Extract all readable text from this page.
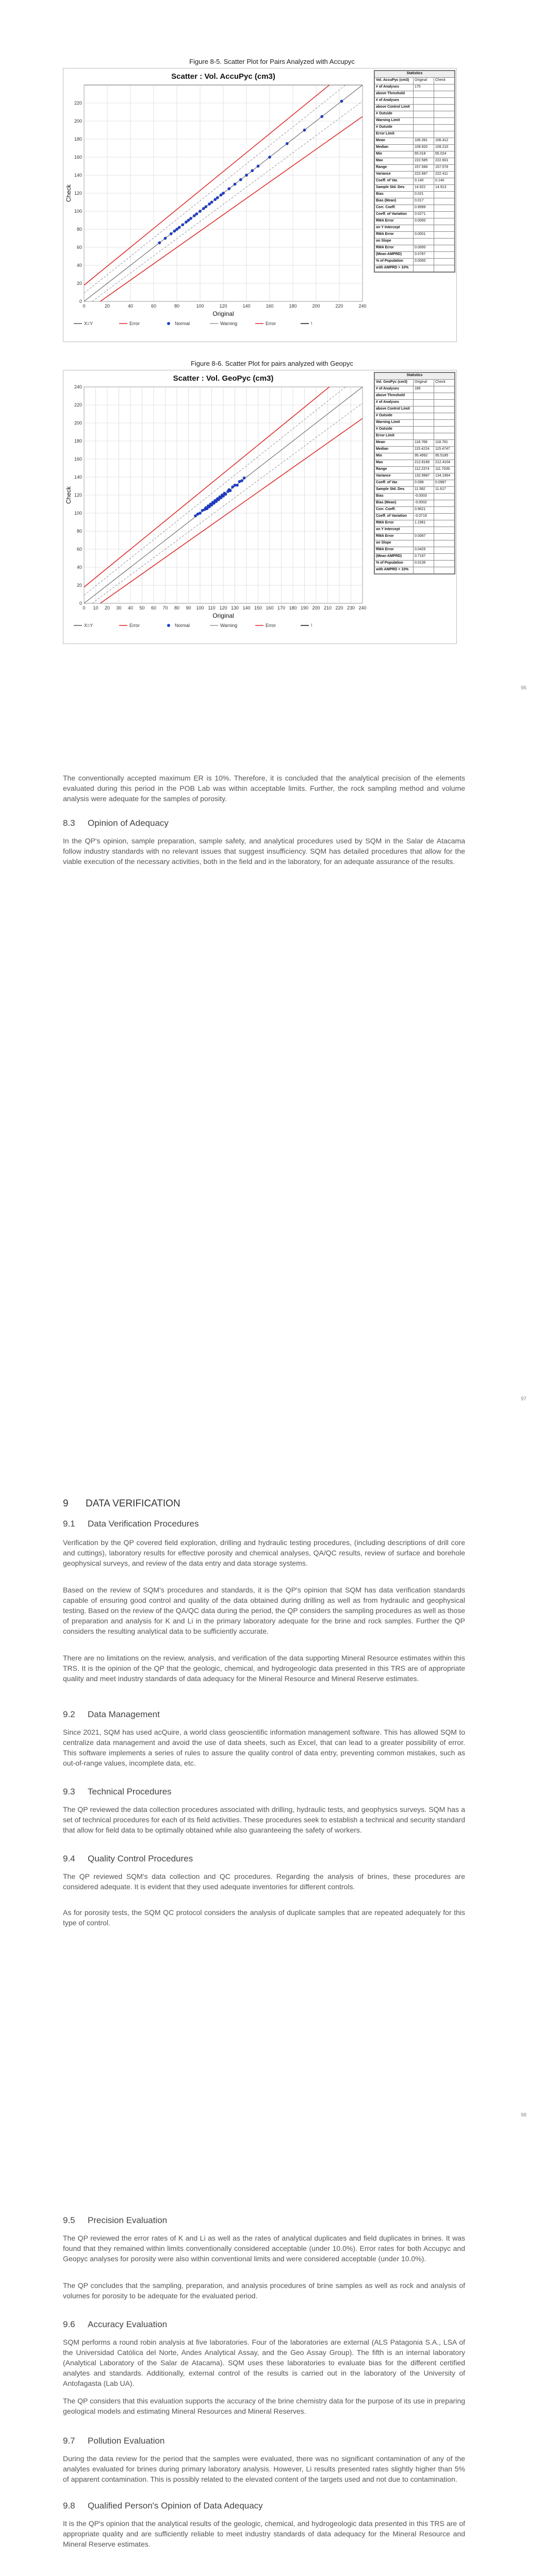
Figure 8-5. Scatter Plot for Pairs Analyzed with Accupyc
Scatter : Vol. AccuPyc (cm3)
0
20
40
60
80
100
120
140
160
180
200
220
0	20	40	60	80	100	120	140	160	180	200	220	240
Original
Check
X=Y	Error	Normal	Warning	Error	!
Statistics		
Vol. AccuPyc (cm3)	Original	Check
# of Analyses	175	
above Threshold		
# of Analyses		
above Control Limit		
# Outside		
Warning Limit		
# Outside		
Error Limit		
Mean	106.391	106.412
Median	109.920	109.210
Min	65.018	65.024
Max	222.585	222.601
Range	157.568	157.576
Variance	222.687	222.411
Coeff. of Var.	0.140	0.140
Sample Std. Dev.	14.922	14.913
Bias	0.021	
Bias (Mean)	0.017	
Corr. Coeff.	0.9999	
Coeff. of Variation	0.0271	
RMA Error	0.0000	
on Y Intercept		
RMA Error	0.0001	
on Slope		
RMA Error	0.0000	
(Mean AMPRD)	0.0787	
% of Population	0.0000	
with AMPRD > 10%		
Figure 8-6. Scatter Plot for pairs analyzed with Geopyc
Scatter : Vol. GeoPyc (cm3)
0
20
40
60
80
100
120
140
160
180
200
220
240
0 10 20 30 40 50 60 70 80 90 100 110 120 130 140 150 160 170 180 190 200 210 220 230 240
Original
Check
X=Y	Error	Normal	Warning	Error	!
Statistics		
Vol. GeoPyc (cm3)	Original	Check
# of Analyses	185	
above Threshold		
# of Analyses		
above Control Limit		
# Outside		
Warning Limit		
# Outside		
Error Limit		
Mean	118.768	118.781
Median	115.4224	115.4747
Min	95.4992	95.5185
Max	212.8166	212.4104
Range	112.2374	111.7039
Variance	132.9987	134.1964
Coeff. of Var.	0.098	0.0987
Sample Std. Dev.	11.582	11.617
Bias	-0.0003	
Bias (Mean)	-0.0002	
Corr. Coeff.	0.9621	
Coeff. of Variation	-0.0719	
RMA Error	1.1961	
on Y Intercept		
RMA Error	0.0087	
on Slope		
RMA Error	0.0425	
(Mean AMPRD)	0.7197	
% of Population	0.0135	
with AMPRD > 10%		
96

The conventionally accepted maximum ER is 10%. Therefore, it is concluded that the analytical precision of the elements evaluated during this period in the POB Lab was within acceptable limits. Further, the rock sampling method and volume analysis were adequate for the samples of porosity.

8.3 Opinion of Adequacy

In the QP's opinion, sample preparation, sample safety, and analytical procedures used by SQM in the Salar de Atacama follow industry standards with no relevant issues that suggest insufficiency. SQM has detailed procedures that allow for the viable execution of the necessary activities, both in the field and in the laboratory, for an adequate assurance of the results.

97
9 DATA VERIFICATION
9.1 Data Verification Procedures

Verification by the QP covered field exploration, drilling and hydraulic testing procedures, (including descriptions of drill core and cuttings), laboratory results for effective porosity and chemical analyses, QA/QC results, review of surface and borehole geophysical surveys, and review of the data entry and data storage systems.

Based on the review of SQM's procedures and standards, it is the QP's opinion that SQM has data verification standards capable of ensuring good control and quality of the data obtained during drilling as well as from hydraulic and geophysical testing. Based on the review of the QA/QC data during the period, the QP considers the sampling procedures as well as those of preparation and analysis for K and Li in the primary laboratory adequate for the brine and rock samples. Further the QP considers the resulting analytical data to be sufficiently accurate.

There are no limitations on the review, analysis, and verification of the data supporting Mineral Resource estimates within this TRS. It is the opinion of the QP that the geologic, chemical, and hydrogeologic data presented in this TRS are of appropriate quality and meet industry standards of data adequacy for the Mineral Resource and Mineral Reserve estimates.

9.2 Data Management

Since 2021, SQM has used acQuire, a world class geoscientific information management software. This has allowed SQM to centralize data management and avoid the use of data sheets, such as Excel, that can lead to a greater possibility of error. This software implements a series of rules to assure the quality control of data entry, preventing common mistakes, such as out-of-range values, incomplete data, etc.

9.3 Technical Procedures

The QP reviewed the data collection procedures associated with drilling, hydraulic tests, and geophysics surveys. SQM has a set of technical procedures for each of its field activities. These procedures seek to establish a technical and security standard that allow for field data to be optimally obtained while also guaranteeing the safety of workers.

9.4 Quality Control Procedures

The QP reviewed SQM's data collection and QC procedures. Regarding the analysis of brines, these procedures are considered adequate. It is evident that they used adequate inventories for different controls.

As for porosity tests, the SQM QC protocol considers the analysis of duplicate samples that are repeated adequately for this type of control.

98
9.5 Precision Evaluation

The QP reviewed the error rates of K and Li as well as the rates of analytical duplicates and field duplicates in brines. It was found that they remained within limits conventionally considered acceptable (under 10.0%). Error rates for both Accupyc and Geopyc analyses for porosity were also within conventional limits and were considered acceptable (under 10.0%).

The QP concludes that the sampling, preparation, and analysis procedures of brine samples as well as rock and analysis of volumes for porosity to be adequate for the evaluated period.

9.6 Accuracy Evaluation

SQM performs a round robin analysis at five laboratories. Four of the laboratories are external (ALS Patagonia S.A., LSA of the Universidad Católica del Norte, Andes Analytical Assay, and the Geo Assay Group). The fifth is an internal laboratory (Analytical Laboratory of the Salar de Atacama). SQM uses these laboratories to evaluate bias for the different certified analytes and standards. Additionally, external control of the results is carried out in the laboratory of the University of Antofagasta (Lab UA).

The QP considers that this evaluation supports the accuracy of the brine chemistry data for the purpose of its use in preparing geological models and estimating Mineral Resources and Mineral Reserves.

9.7 Pollution Evaluation

During the data review for the period that the samples were evaluated, there was no significant contamination of any of the analytes evaluated for brines during primary laboratory analysis. However, Li results presented rates slightly higher than 5% of apparent contamination. This is possibly related to the elevated content of the targets used and not due to contamination.

9.8 Qualified Person's Opinion of Data Adequacy

It is the QP's opinion that the analytical results of the geologic, chemical, and hydrogeologic data presented in this TRS are of appropriate quality and are sufficiently reliable to meet industry standards of data adequacy for the Mineral Resource and Mineral Reserve estimates.
